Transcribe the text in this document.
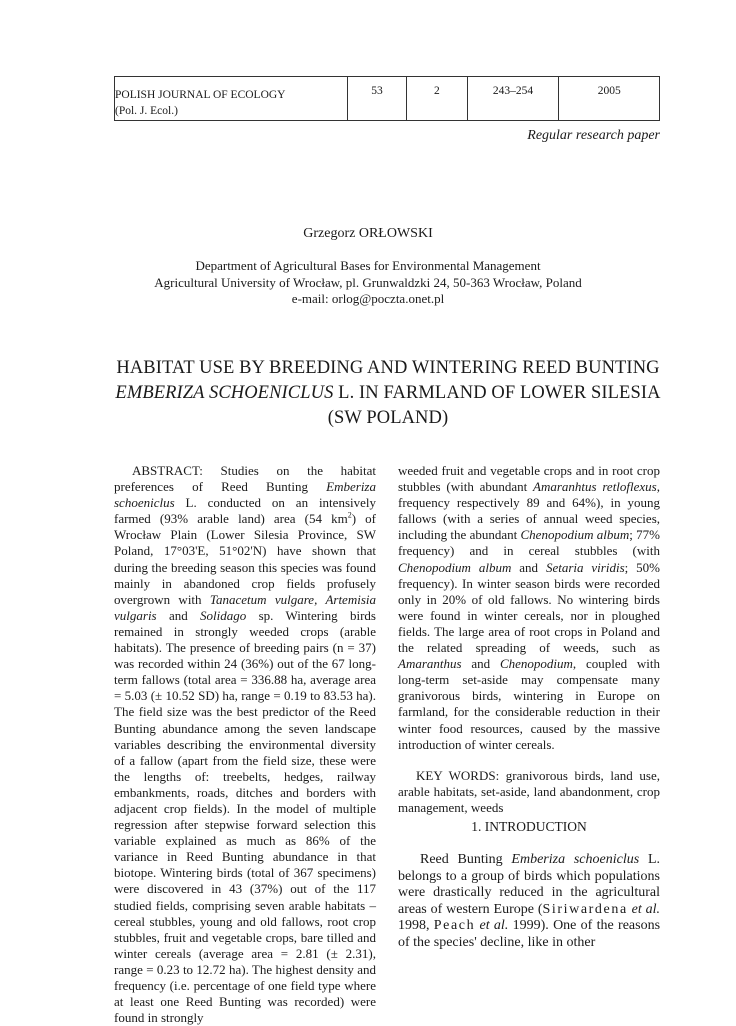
POLISH JOURNAL OF ECOLOGY
(Pol. J. Ecol.)
53	2	243–254	2005
Regular research paper
Grzegorz ORŁOWSKI
Department of Agricultural Bases for Environmental Management
Agricultural University of Wrocław, pl. Grunwaldzki 24, 50-363 Wrocław, Poland
e-mail: orlog@poczta.onet.pl
HABITAT USE BY BREEDING AND WINTERING REED BUNTING
EMBERIZA SCHOENICLUS L. IN FARMLAND OF LOWER SILESIA
(SW POLAND)

ABSTRACT: Studies on the habitat preferences of Reed Bunting Emberiza schoeniclus L. conducted on an intensively farmed (93% arable land) area (54 $km^2$) of Wrocław Plain (Lower Silesia Province, SW Poland, 17°03'E, 51°02'N) have shown that during the breeding season this species was found mainly in abandoned crop fields profusely overgrown with Tanacetum vulgare, Artemisia vulgaris and Solidago sp. Wintering birds remained in strongly weeded crops (arable habitats). The presence of breeding pairs (n = 37) was recorded within 24 (36%) out of the 67 long-term fallows (total area = 336.88 ha, average area = 5.03 (± 10.52 SD) ha, range = 0.19 to 83.53 ha). The field size was the best predictor of the Reed Bunting abundance among the seven landscape variables describing the environmental diversity of a fallow (apart from the field size, these were the lengths of: treebelts, hedges, railway embankments, roads, ditches and borders with adjacent crop fields). In the model of multiple regression after stepwise forward selection this variable explained as much as 86% of the variance in Reed Bunting abundance in that biotope. Wintering birds (total of 367 specimens) were discovered in 43 (37%) out of the 117 studied fields, comprising seven arable habitats – cereal stubbles, young and old fallows, root crop stubbles, fruit and vegetable crops, bare tilled and winter cereals (average area = 2.81 (± 2.31), range = 0.23 to 12.72 ha). The highest density and frequency (i.e. percentage of one field type where at least one Reed Bunting was recorded) were found in strongly

weeded fruit and vegetable crops and in root crop stubbles (with abundant Amaranhtus retloflexus, frequency respectively 89 and 64%), in young fallows (with a series of annual weed species, including the abundant Chenopodium album; 77% frequency) and in cereal stubbles (with Chenopodium album and Setaria viridis; 50% frequency). In winter season birds were recorded only in 20% of old fallows. No wintering birds were found in winter cereals, nor in ploughed fields. The large area of root crops in Poland and the related spreading of weeds, such as Amaranthus and Chenopodium, coupled with long-term set-aside may compensate many granivorous birds, wintering in Europe on farmland, for the considerable reduction in their winter food resources, caused by the massive introduction of winter cereals.

KEY WORDS: granivorous birds, land use, arable habitats, set-aside, land abandonment, crop management, weeds
1. INTRODUCTION

Reed Bunting Emberiza schoeniclus L. belongs to a group of birds which populations were drastically reduced in the agricultural areas of western Europe (Siriwardena et al. 1998, Peach et al. 1999). One of the reasons of the species' decline, like in other
